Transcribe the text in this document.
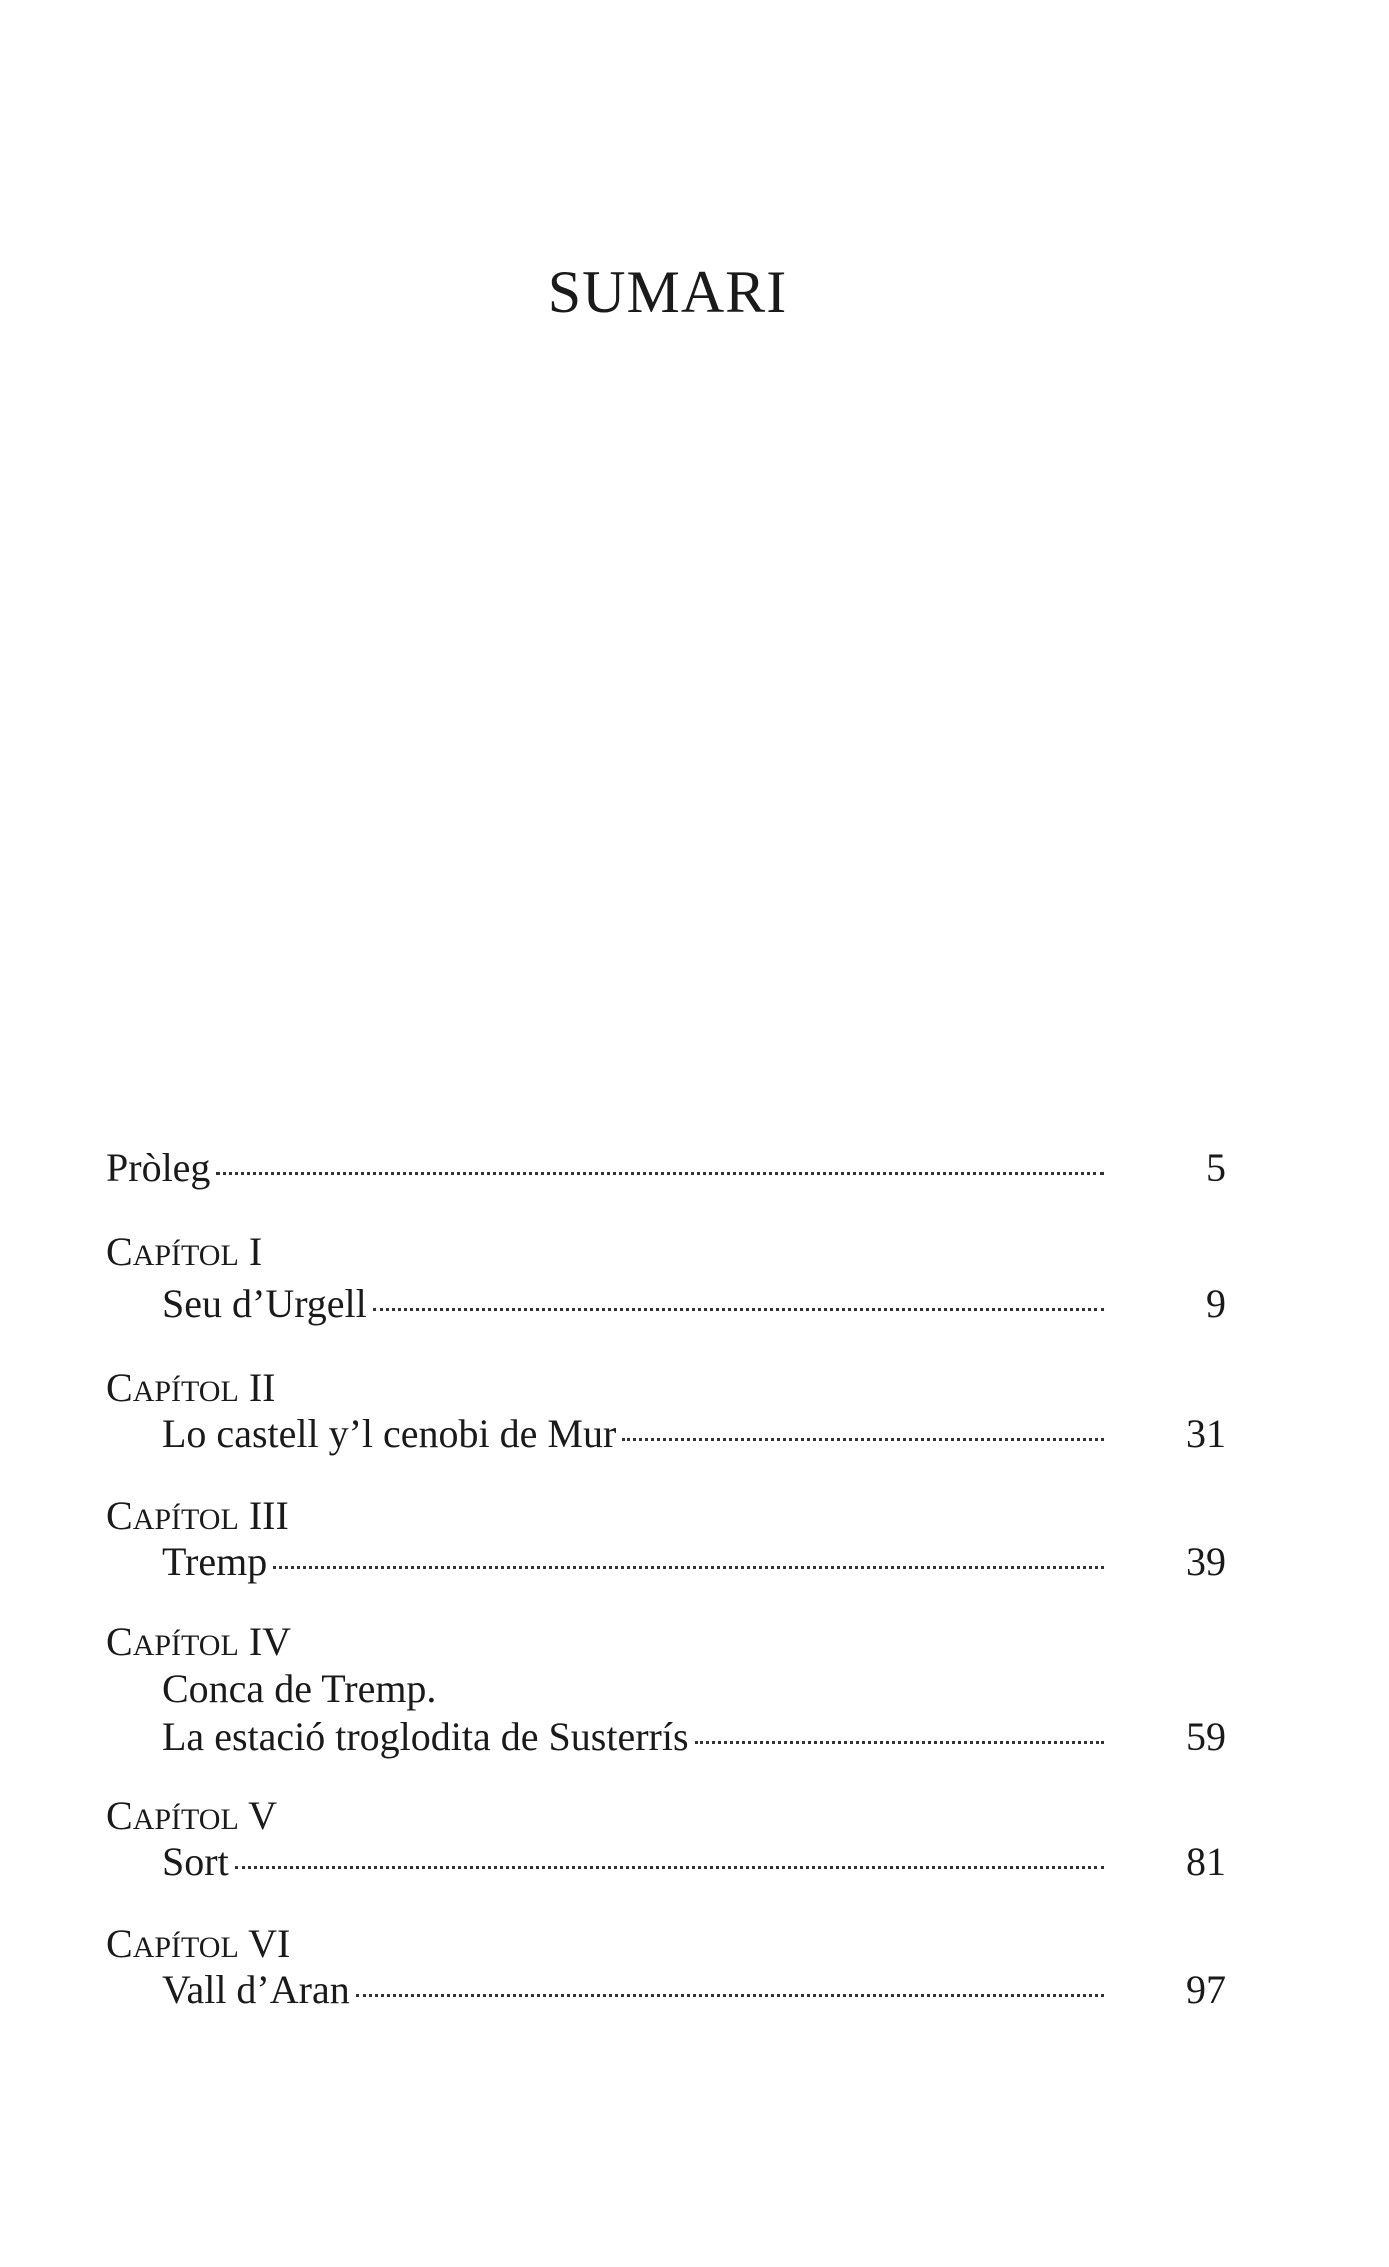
SUMARI
Pròleg	5
CAPÍTOL I
Seu d’Urgell	9
CAPÍTOL II
Lo castell y’l cenobi de Mur	31
CAPÍTOL III
Tremp	39
CAPÍTOL IV
Conca de Tremp.
La estació troglodita de Susterrís	59
CAPÍTOL V
Sort	81
CAPÍTOL VI
Vall d’Aran	97
